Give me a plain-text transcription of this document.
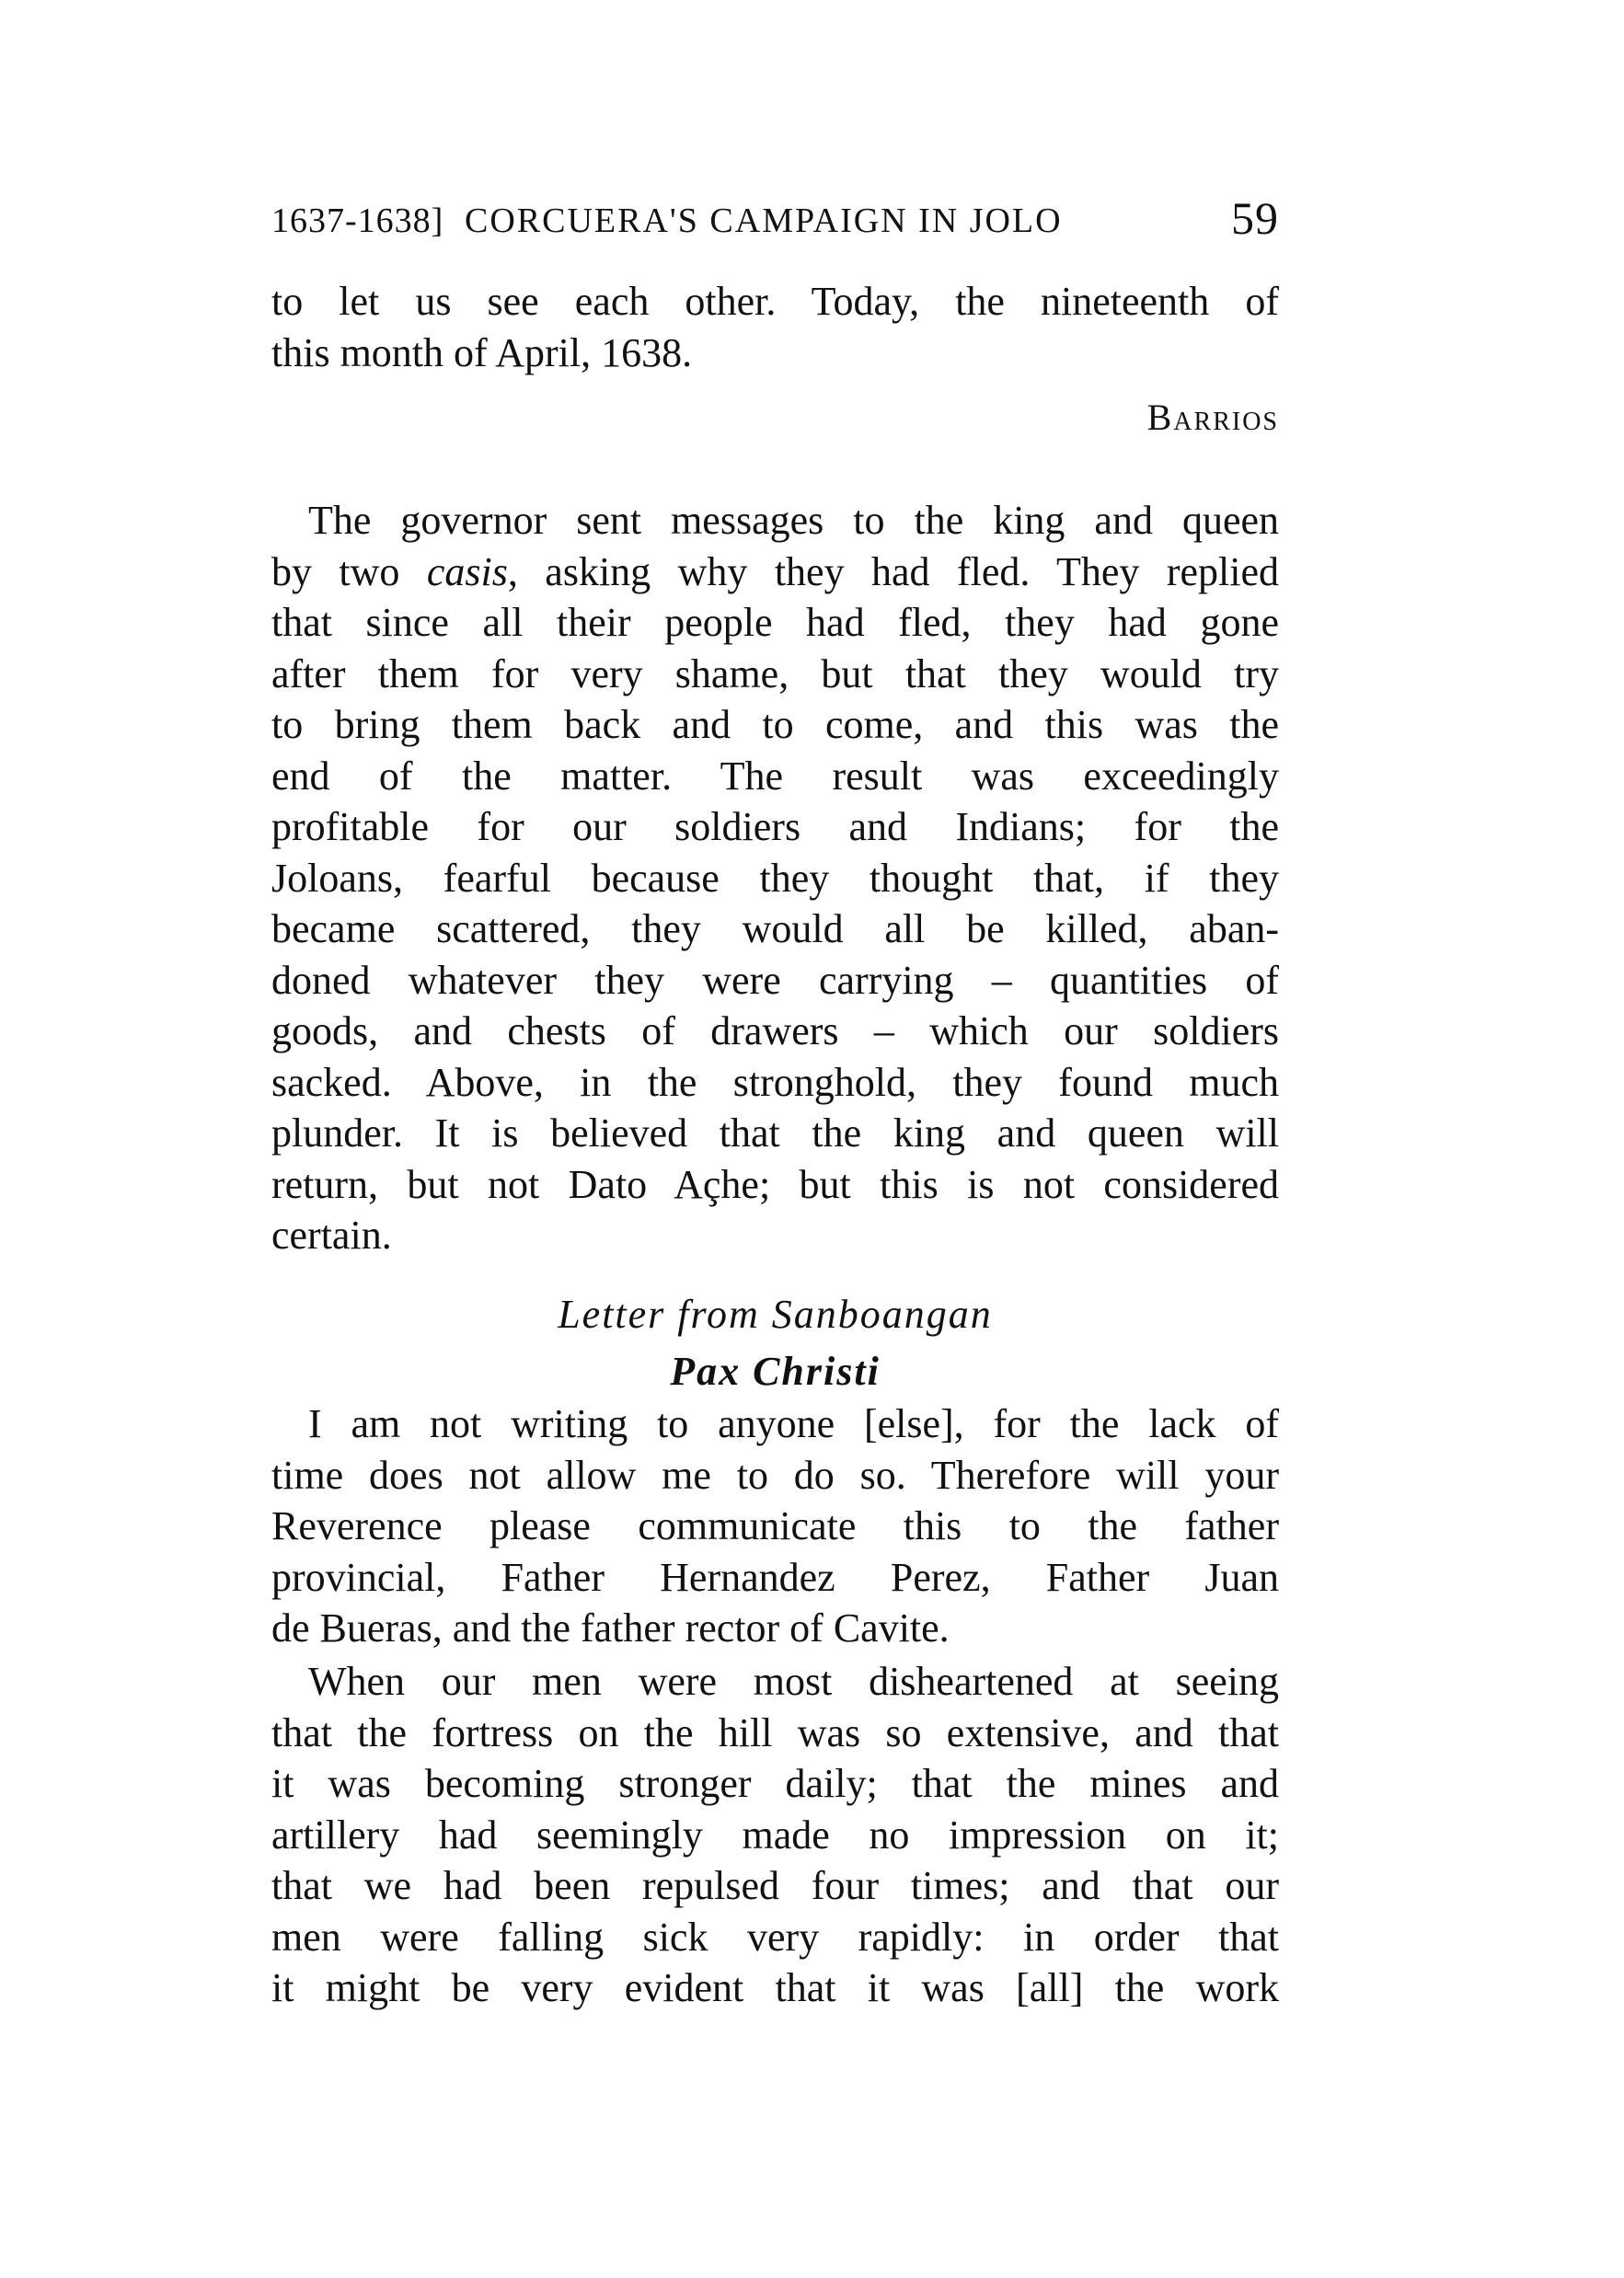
1637-1638] CORCUERA'S CAMPAIGN IN JOLO	59
to let us see each other. Today, the nineteenth of
this month of April, 1638.
Barrios
The governor sent messages to the king and queen
by two casis, asking why they had fled. They replied
that since all their people had fled, they had gone
after them for very shame, but that they would try
to bring them back and to come, and this was the
end of the matter. The result was exceedingly
profitable for our soldiers and Indians; for the
Joloans, fearful because they thought that, if they
became scattered, they would all be killed, aban-
doned whatever they were carrying – quantities of
goods, and chests of drawers – which our soldiers
sacked. Above, in the stronghold, they found much
plunder. It is believed that the king and queen will
return, but not Dato Açhe; but this is not considered
certain.
Letter from Sanboangan
Pax Christi
I am not writing to anyone [else], for the lack of
time does not allow me to do so. Therefore will your
Reverence please communicate this to the father
provincial, Father Hernandez Perez, Father Juan
de Bueras, and the father rector of Cavite.
When our men were most disheartened at seeing
that the fortress on the hill was so extensive, and that
it was becoming stronger daily; that the mines and
artillery had seemingly made no impression on it;
that we had been repulsed four times; and that our
men were falling sick very rapidly: in order that
it might be very evident that it was [all] the work
